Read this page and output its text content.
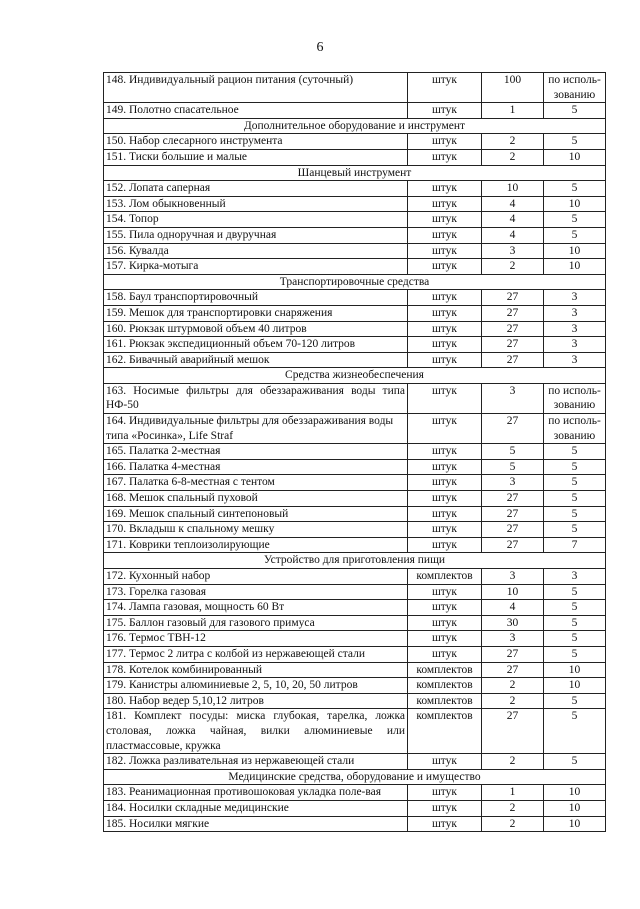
6
148. Индивидуальный рацион питания (суточный)	штук	100	по исполь-зованию
149. Полотно спасательное	штук	1	5
Дополнительное оборудование и инструмент			
150. Набор слесарного инструмента	штук	2	5
151. Тиски большие и малые	штук	2	10
Шанцевый инструмент			
152. Лопата саперная	штук	10	5
153. Лом обыкновенный	штук	4	10
154. Топор	штук	4	5
155. Пила одноручная и двуручная	штук	4	5
156. Кувалда	штук	3	10
157. Кирка-мотыга	штук	2	10
Транспортировочные средства			
158. Баул транспортировочный	штук	27	3
159. Мешок для транспортировки снаряжения	штук	27	3
160. Рюкзак штурмовой объем 40 литров	штук	27	3
161. Рюкзак экспедиционный объем 70-120 литров	штук	27	3
162. Бивачный аварийный мешок	штук	27	3
Средства жизнеобеспечения			
163. Носимые фильтры для обеззараживания воды типа НФ-50	штук	3	по исполь-зованию
164. Индивидуальные фильтры для обеззараживания воды типа «Росинка», Life Straf	штук	27	по исполь-зованию
165. Палатка 2-местная	штук	5	5
166. Палатка 4-местная	штук	5	5
167. Палатка 6-8-местная с тентом	штук	3	5
168. Мешок спальный пуховой	штук	27	5
169. Мешок спальный синтепоновый	штук	27	5
170. Вкладыш к спальному мешку	штук	27	5
171. Коврики теплоизолирующие	штук	27	7
Устройство для приготовления пищи			
172. Кухонный набор	комплектов	3	3
173. Горелка газовая	штук	10	5
174. Лампа газовая, мощность 60 Вт	штук	4	5
175. Баллон газовый для газового примуса	штук	30	5
176. Термос ТВН-12	штук	3	5
177. Термос 2 литра с колбой из нержавеющей стали	штук	27	5
178. Котелок комбинированный	комплектов	27	10
179. Канистры алюминиевые 2, 5, 10, 20, 50 литров	комплектов	2	10
180. Набор ведер 5,10,12 литров	комплектов	2	5
181. Комплект посуды: миска глубокая, тарелка, ложка столовая, ложка чайная, вилки алюминиевые или пластмассовые, кружка	комплектов	27	5
182. Ложка разливательная из нержавеющей стали	штук	2	5
Медицинские средства, оборудование и имущество			
183. Реанимационная противошоковая укладка поле-вая	штук	1	10
184. Носилки складные медицинские	штук	2	10
185. Носилки мягкие	штук	2	10
